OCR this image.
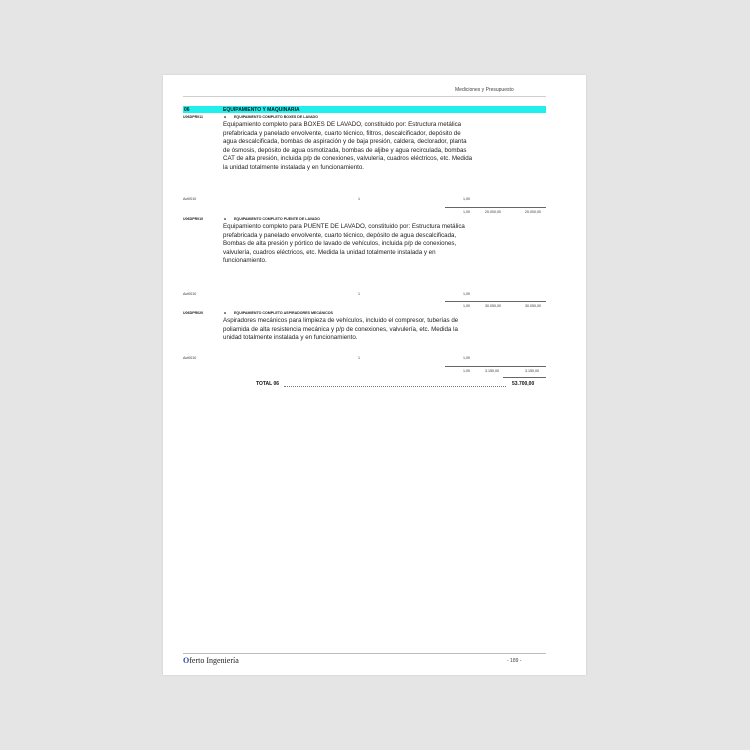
Mediciones y Presupuesto
06	EQUIPAMIENTO Y MAQUINARIA
U06DPR011	u EQUIPAMIENTO COMPLETO BOXES DE LAVADO
Equipamiento completo para BOXES DE LAVADO, constituido por: Estructura metálica prefabricada y panelado envolvente, cuarto técnico, filtros, descalcificador, depósito de agua descalcificada, bombas de aspiración y de baja presión, caldera, declorador, planta de ósmosis, depósito de agua osmotizada, bombas de aljibe y agua recirculada, bombas CAT de alta presión, incluida p/p de conexiones, valvulería, cuadros eléctricos, etc. Medida la unidad totalmente instalada y en funcionamiento.
Act0010	1	1,00
1,00	20.000,00	20.000,00
U06DPR010	u EQUIPAMIENTO COMPLETO PUENTE DE LAVADO
Equipamiento completo para PUENTE DE LAVADO, constituido por: Estructura metálica prefabricada y panelado envolvente, cuarto técnico, depósito de agua descalcificada, Bombas de alta presión y pórtico de lavado de vehículos, incluida p/p de conexiones, valvulería, cuadros eléctricos, etc. Medida la unidad totalmente instalada y en funcionamiento.
Act0010	1	1,00
1,00	30.050,00	30.050,00
U06DPR020	u EQUIPAMIENTO COMPLETO ASPIRADORES MECÁNICOS
Aspiradores mecánicos para limpieza de vehículos, incluido el compresor, tuberías de poliamida de alta resistencia mecánica y p/p de conexiones, valvulería, etc. Medida la unidad totalmente instalada y en funcionamiento.
Act0010	1	1,00
1,00	3.150,00	3.150,00
TOTAL 06	53.700,00
Oferto Ingeniería	- 189 -
